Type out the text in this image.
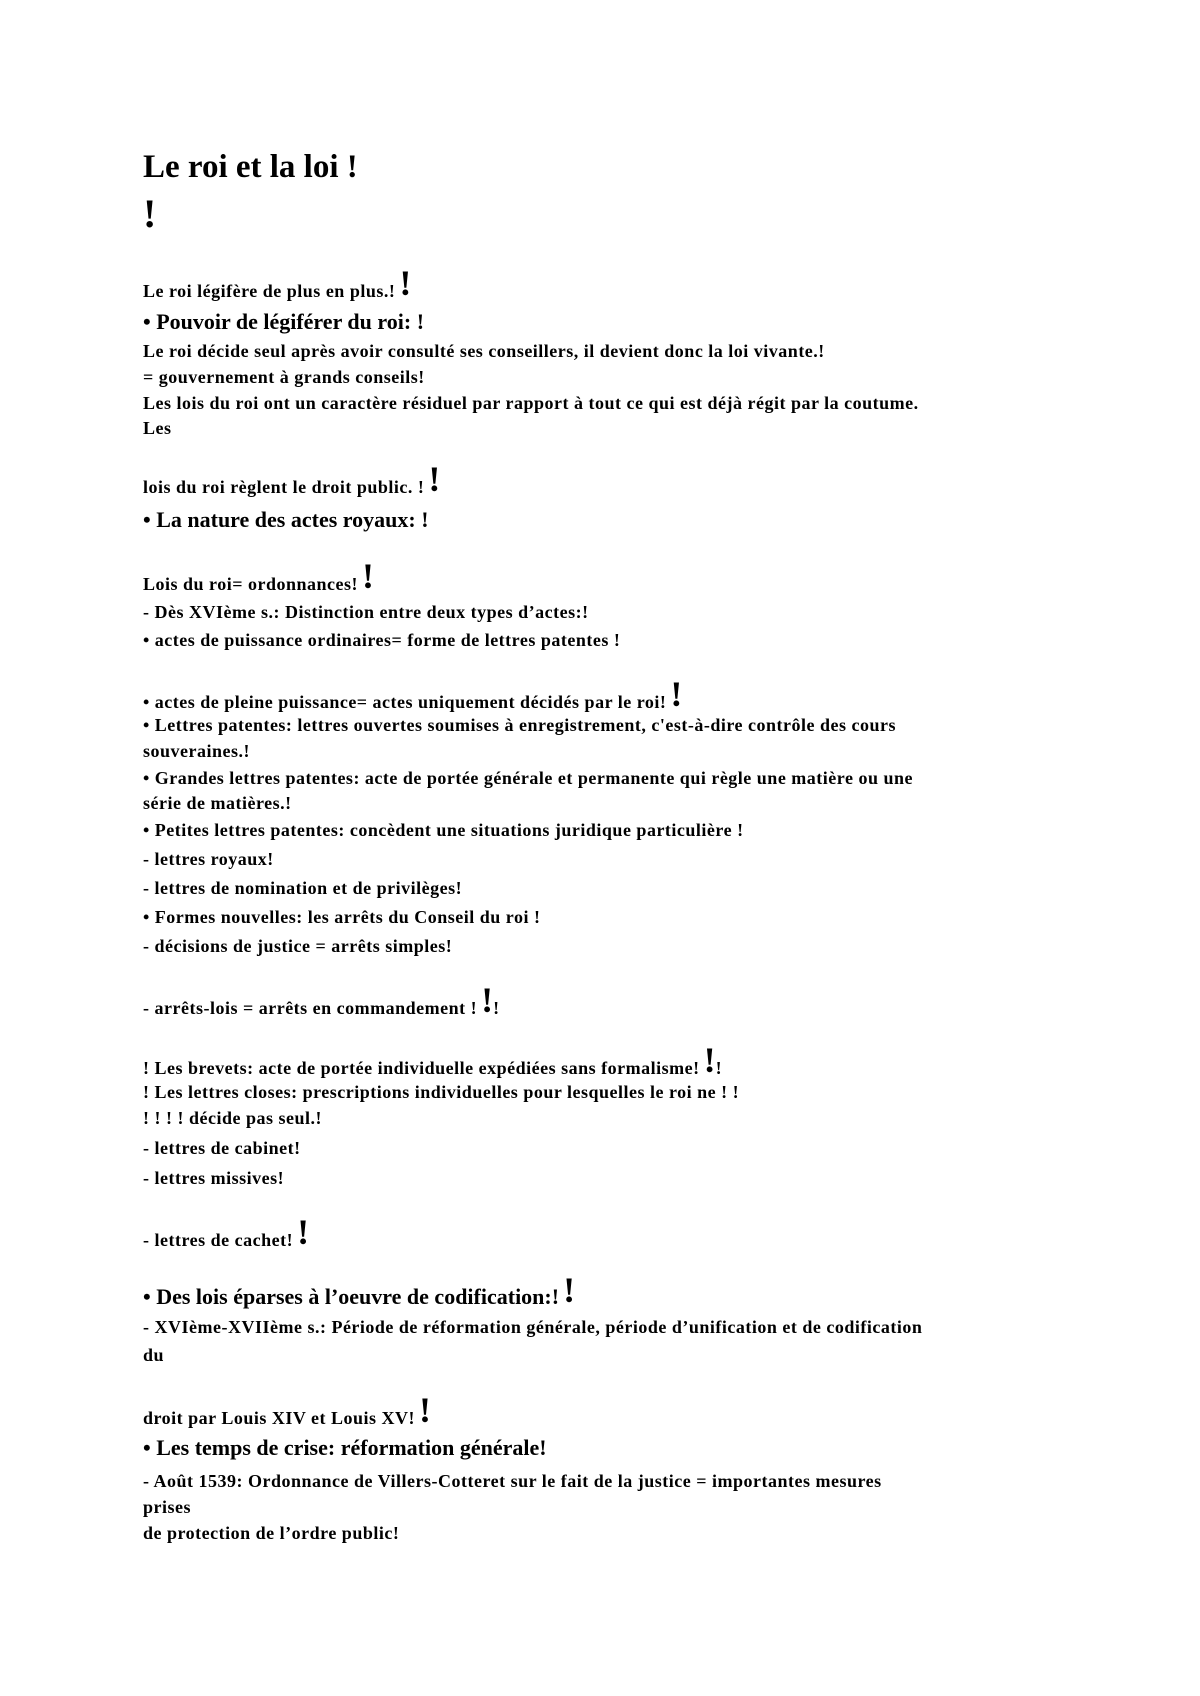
Le roi et la loi !
!
Le roi légifère de plus en plus.! !
• Pouvoir de légiférer du roi: !
Le roi décide seul après avoir consulté ses conseillers, il devient donc la loi vivante.!
= gouvernement à grands conseils!
Les lois du roi ont un caractère résiduel par rapport à tout ce qui est déjà régit par la coutume.
Les
lois du roi règlent le droit public. ! !
• La nature des actes royaux: !
Lois du roi= ordonnances! !
- Dès XVIème s.: Distinction entre deux types d’actes:!
• actes de puissance ordinaires= forme de lettres patentes !
• actes de pleine puissance= actes uniquement décidés par le roi! !
• Lettres patentes: lettres ouvertes soumises à enregistrement, c'est-à-dire contrôle des cours
souveraines.!
• Grandes lettres patentes: acte de portée générale et permanente qui règle une matière ou une
série de matières.!
• Petites lettres patentes: concèdent une situations juridique particulière !
- lettres royaux!
- lettres de nomination et de privilèges!
• Formes nouvelles: les arrêts du Conseil du roi !
- décisions de justice = arrêts simples!
- arrêts-lois = arrêts en commandement ! !!
! Les brevets: acte de portée individuelle expédiées sans formalisme! !!
! Les lettres closes: prescriptions individuelles pour lesquelles le roi ne ! !
! ! ! ! décide pas seul.!
- lettres de cabinet!
- lettres missives!
- lettres de cachet! !
• Des lois éparses à l’oeuvre de codification:! !
- XVIème-XVIIème s.: Période de réformation générale, période d’unification et de codification
du
droit par Louis XIV et Louis XV! !
• Les temps de crise: réformation générale!
- Août 1539: Ordonnance de Villers-Cotteret sur le fait de la justice = importantes mesures
prises
de protection de l’ordre public!
